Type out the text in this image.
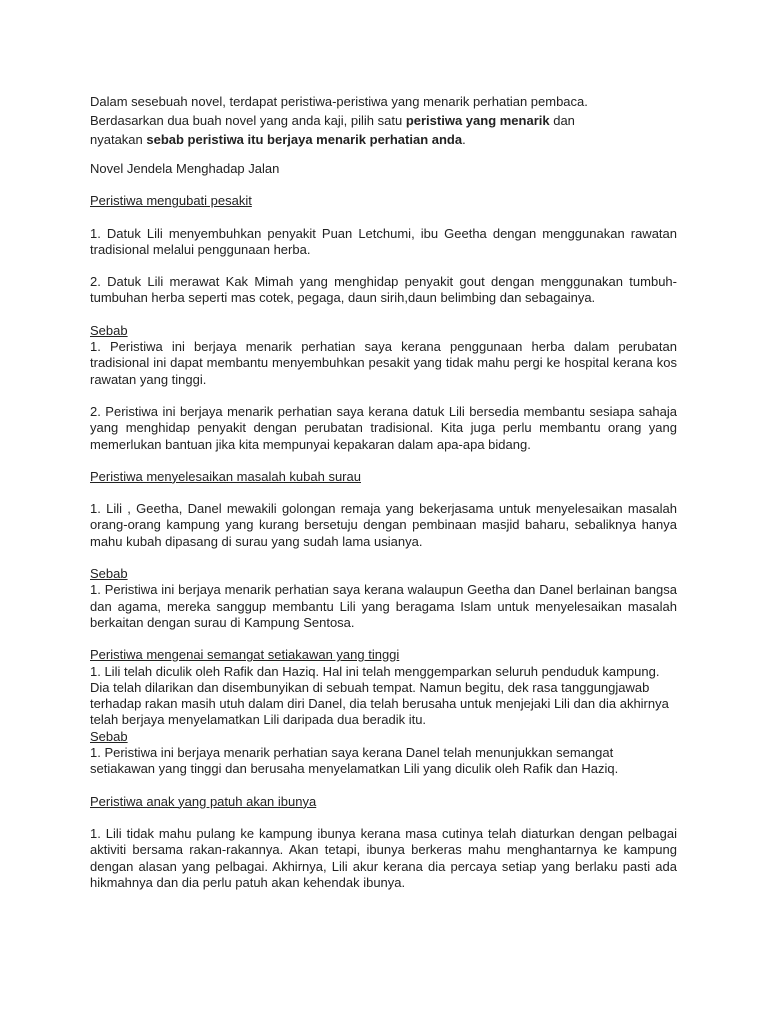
Dalam sesebuah novel, terdapat peristiwa-peristiwa yang menarik perhatian pembaca.

Berdasarkan dua buah novel yang anda kaji, pilih satu peristiwa yang menarik dan

nyatakan sebab peristiwa itu berjaya menarik perhatian anda.

Novel Jendela Menghadap Jalan

Peristiwa mengubati pesakit

1. Datuk Lili menyembuhkan penyakit Puan Letchumi, ibu Geetha dengan menggunakan rawatan tradisional melalui penggunaan herba.

2. Datuk Lili merawat Kak Mimah yang menghidap penyakit gout dengan menggunakan tumbuh-tumbuhan herba seperti mas cotek, pegaga, daun sirih,daun belimbing dan sebagainya.

Sebab

1. Peristiwa ini berjaya menarik perhatian saya kerana penggunaan herba dalam perubatan tradisional ini dapat membantu menyembuhkan pesakit yang tidak mahu pergi ke hospital kerana kos rawatan yang tinggi.

2. Peristiwa ini berjaya menarik perhatian saya kerana datuk Lili bersedia membantu sesiapa sahaja yang menghidap penyakit dengan perubatan tradisional. Kita juga perlu membantu orang yang memerlukan bantuan jika kita mempunyai kepakaran dalam apa-apa bidang.

Peristiwa menyelesaikan masalah kubah surau

1. Lili , Geetha, Danel mewakili golongan remaja yang bekerjasama untuk menyelesaikan masalah orang-orang kampung yang kurang bersetuju dengan pembinaan masjid baharu, sebaliknya hanya mahu kubah dipasang di surau yang sudah lama usianya.

Sebab

1. Peristiwa ini berjaya menarik perhatian saya kerana walaupun Geetha dan Danel berlainan bangsa dan agama, mereka sanggup membantu Lili yang beragama Islam untuk menyelesaikan masalah berkaitan dengan surau di Kampung Sentosa.

Peristiwa mengenai semangat setiakawan yang tinggi

1. Lili telah diculik oleh Rafik dan Haziq. Hal ini telah menggemparkan seluruh penduduk kampung. Dia telah dilarikan dan disembunyikan di sebuah tempat. Namun begitu, dek rasa tanggungjawab terhadap rakan masih utuh dalam diri Danel, dia telah berusaha untuk menjejaki Lili dan dia akhirnya telah berjaya menyelamatkan Lili daripada dua beradik itu.

Sebab

1. Peristiwa ini berjaya menarik perhatian saya kerana Danel telah menunjukkan semangat setiakawan yang tinggi dan berusaha menyelamatkan Lili yang diculik oleh Rafik dan Haziq.

Peristiwa anak yang patuh akan ibunya

1. Lili tidak mahu pulang ke kampung ibunya kerana masa cutinya telah diaturkan dengan pelbagai aktiviti bersama rakan-rakannya. Akan tetapi, ibunya berkeras mahu menghantarnya ke kampung dengan alasan yang pelbagai. Akhirnya, Lili akur kerana dia percaya setiap yang berlaku pasti ada hikmahnya dan dia perlu patuh akan kehendak ibunya.
